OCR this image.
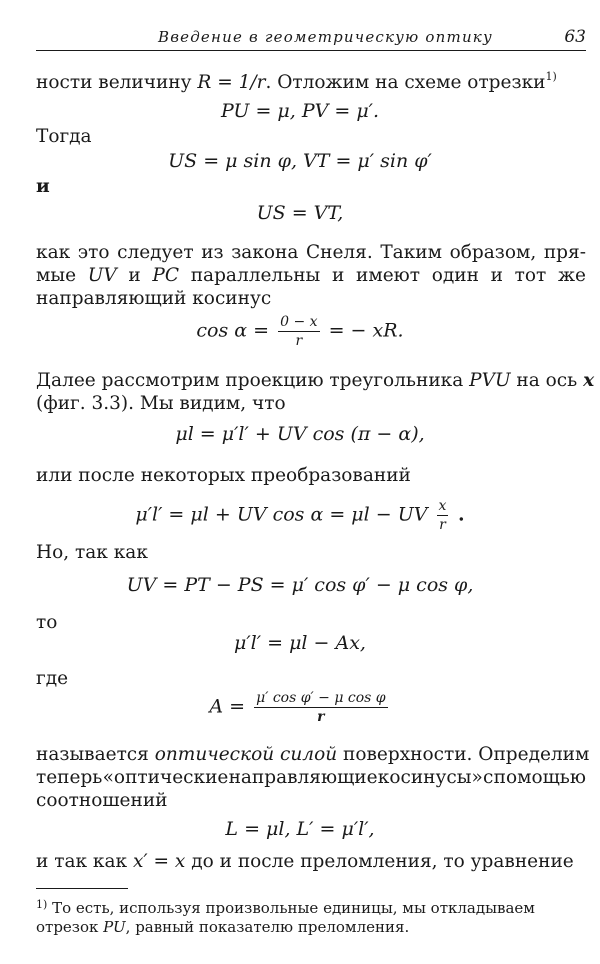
Введение в геометрическую оптику	63
ности величину R = 1/r. Отложим на схеме отрезки$^{1)}$
PU = μ, PV = μ′.
Тогда
US = μ sin φ, VT = μ′ sin φ′
и
US = VT,
как это следует из закона Снеля. Таким образом, пря-
мые UV и PC параллельны и имеют один и тот же
направляющий косинус
$\cos \alpha = \frac{0 - x}{r}$ = − xR.
Далее рассмотрим проекцию треугольника PVU на ось x
(фиг. 3.3). Мы видим, что
μl = μ′l′ + UV cos (π − α),
или после некоторых преобразований
μ′l′ = μl + UV cos α = μl − UV $\frac{x}{r}$ .
Но, так как
UV = PT − PS = μ′ cos φ′ − μ cos φ,
то
μ′l′ = μl − Ax,
где
$A = \frac{\text{μ′ cos φ′ − μ cos φ}}{r}$
называется оптической силой поверхности. Определим
теперь «оптические направляющие косинусы» с помощью
соотношений
L = μl, L′ = μ′l′,
и так как x′ = x до и после преломления, то уравнение
$^{1)}$ То есть, используя произвольные единицы, мы откладываем
отрезок PU, равный показателю преломления.
